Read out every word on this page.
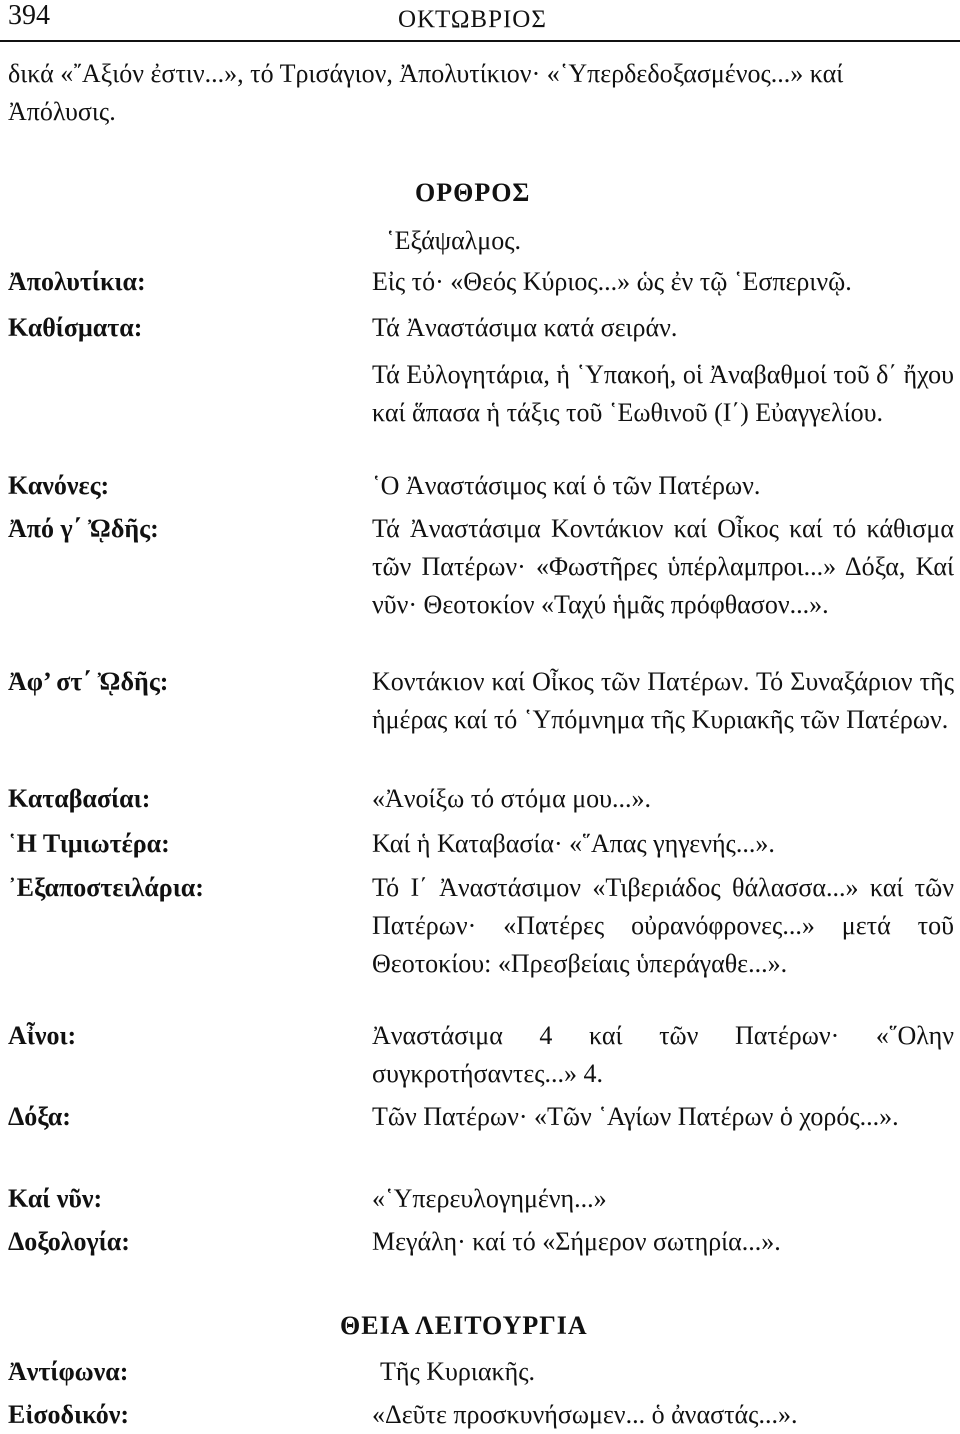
394	ΟΚΤΩΒΡΙΟΣ
δικά «῎Αξιόν ἐστιν...», τό Τρισάγιον, Ἀπολυτίκιον· «῾Υπερδεδοξασμένος...» καί Ἀπόλυσις.
ΟΡΘΡΟΣ
῾Εξάψαλμος.
Ἀπολυτίκια:	Εἰς τό· «Θεός Κύριος...» ὡς ἐν τῷ ῾Εσπερινῷ.
Καθίσματα:	Τά Ἀναστάσιμα κατά σειράν.
Τά Εὐλογητάρια, ἡ ῾Υπακοή, οἱ Ἀναβαθμοί τοῦ δ΄ ἤχου καί ἅπασα ἡ τάξις τοῦ ῾Εωθινοῦ (Ι΄) Εὐαγγελίου.
Κανόνες:	῾Ο Ἀναστάσιμος καί ὁ τῶν Πατέρων.
Ἀπό γ΄ ᾨδῆς:	Τά Ἀναστάσιμα Κοντάκιον καί Οἶκος καί τό κάθισμα τῶν Πατέρων· «Φωστῆρες ὑπέρλαμπροι...» Δόξα, Καί νῦν· Θεοτοκίον «Ταχύ ἡμᾶς πρόφθασον...».
Ἀφ’ στ΄ ᾨδῆς:	Κοντάκιον καί Οἶκος τῶν Πατέρων. Τό Συναξάριον τῆς ἡμέρας καί τό ῾Υπόμνημα τῆς Κυριακῆς τῶν Πατέρων.
Καταβασίαι:	«Ἀνοίξω τό στόμα μου...».
῾Η Τιμιωτέρα:	Καί ἡ Καταβασία· «῞Απας γηγενής...».
᾿Εξαποστειλάρια:	Τό Ι΄ Ἀναστάσιμον «Τιβεριάδος θάλασσα...» καί τῶν Πατέρων· «Πατέρες οὐρανόφρονες...» μετά τοῦ Θεοτοκίου: «Πρεσβείαις ὑπεράγαθε...».
Αἶνοι:	Ἀναστάσιμα 4 καί τῶν Πατέρων· «῞Ολην συγκροτήσαντες...» 4.
Δόξα:	Τῶν Πατέρων· «Τῶν ῾Αγίων Πατέρων ὁ χορός...».
Καί νῦν:	«῾Υπερευλογημένη...»
Δοξολογία:	Μεγάλη· καί τό «Σήμερον σωτηρία...».
ΘΕΙΑ ΛΕΙΤΟΥΡΓΙΑ
Ἀντίφωνα:	Τῆς Κυριακῆς.
Εἰσοδικόν:	«Δεῦτε προσκυνήσωμεν... ὁ ἀναστάς...».
